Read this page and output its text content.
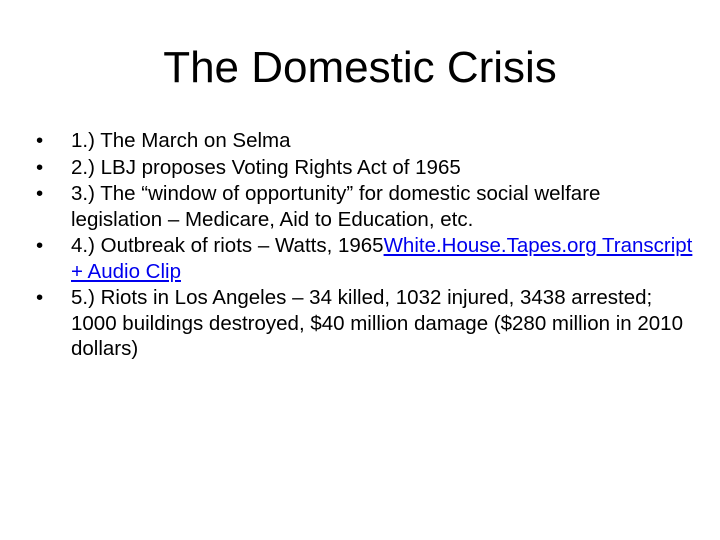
The Domestic Crisis
•	1.) The March on Selma
•	2.) LBJ proposes Voting Rights Act of 1965
•	3.) The “window of opportunity” for domestic social welfare legislation – Medicare, Aid to Education, etc.
•	4.) Outbreak of riots – Watts, 1965White.House.Tapes.org Transcript + Audio Clip
•	5.) Riots in Los Angeles – 34 killed, 1032 injured, 3438 arrested; 1000 buildings destroyed, $40 million damage ($280 million in 2010 dollars)
